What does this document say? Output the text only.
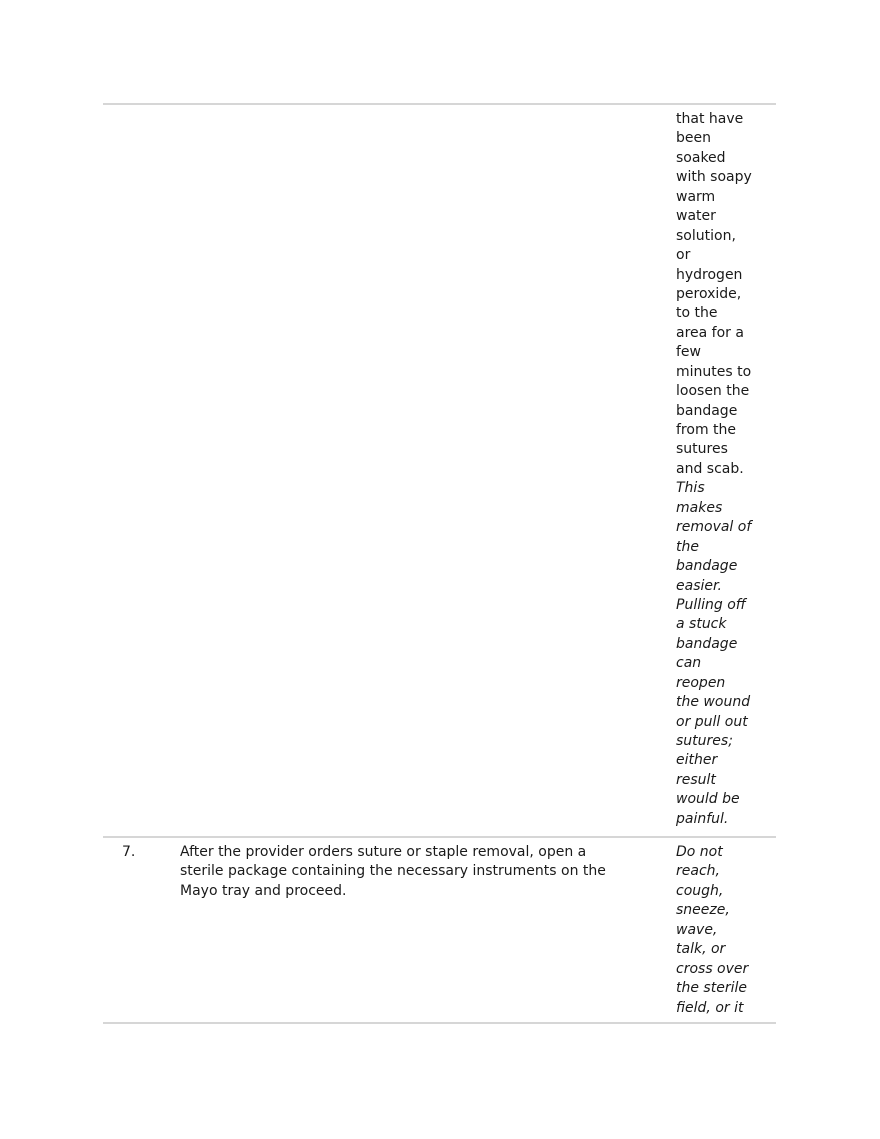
that have
been
soaked
with soapy
warm
water
solution,
or
hydrogen
peroxide,
to the
area for a
few
minutes to
loosen the
bandage
from the
sutures
and scab.
This
makes
removal of
the
bandage
easier.
Pulling off
a stuck
bandage
can
reopen
the wound
or pull out
sutures;
either
result
would be
painful.
7.	After the provider orders suture or staple removal, open a
sterile package containing the necessary instruments on the
Mayo tray and proceed.
Do not
reach,
cough,
sneeze,
wave,
talk, or
cross over
the sterile
field, or it
